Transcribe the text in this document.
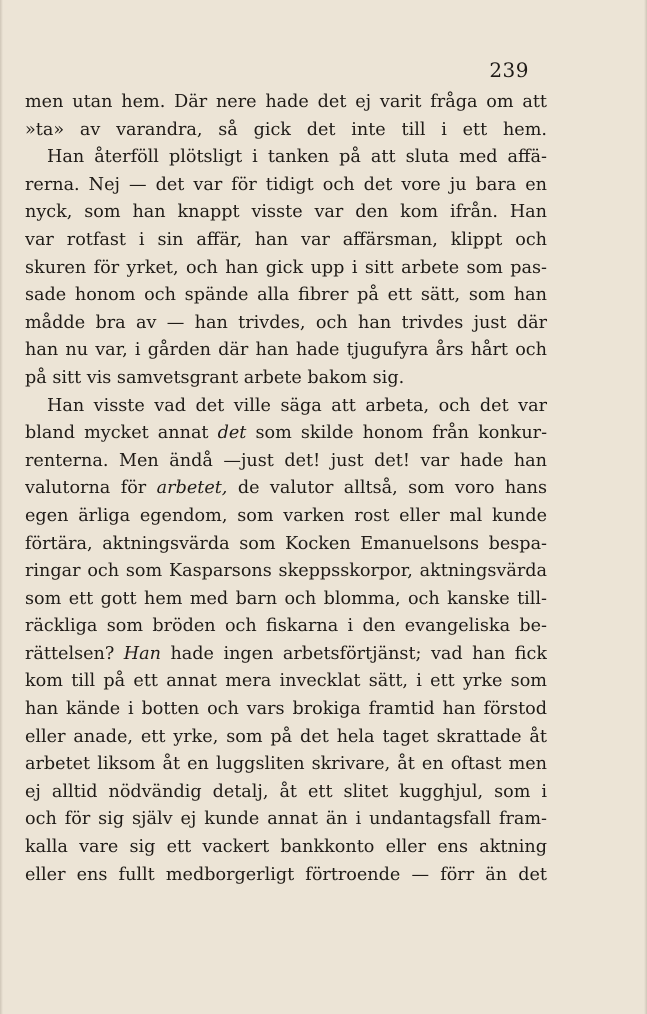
239
men utan hem. Där nere hade det ej varit fråga om att
»ta» av varandra, så gick det inte till i ett hem.
Han återföll plötsligt i tanken på att sluta med affä-
rerna. Nej — det var för tidigt och det vore ju bara en
nyck, som han knappt visste var den kom ifrån. Han
var rotfast i sin affär, han var affärsman, klippt och
skuren för yrket, och han gick upp i sitt arbete som pas-
sade honom och spände alla fibrer på ett sätt, som han
mådde bra av — han trivdes, och han trivdes just där
han nu var, i gården där han hade tjugufyra års hårt och
på sitt vis samvetsgrant arbete bakom sig.
Han visste vad det ville säga att arbeta, och det var
bland mycket annat det som skilde honom från konkur-
renterna. Men ändå —just det! just det! var hade han
valutorna för arbetet, de valutor alltså, som voro hans
egen ärliga egendom, som varken rost eller mal kunde
förtära, aktningsvärda som Kocken Emanuelsons bespa-
ringar och som Kasparsons skeppsskorpor, aktningsvärda
som ett gott hem med barn och blomma, och kanske till-
räckliga som bröden och fiskarna i den evangeliska be-
rättelsen? Han hade ingen arbetsförtjänst; vad han fick
kom till på ett annat mera invecklat sätt, i ett yrke som
han kände i botten och vars brokiga framtid han förstod
eller anade, ett yrke, som på det hela taget skrattade åt
arbetet liksom åt en luggsliten skrivare, åt en oftast men
ej alltid nödvändig detalj, åt ett slitet kugghjul, som i
och för sig själv ej kunde annat än i undantagsfall fram-
kalla vare sig ett vackert bankkonto eller ens aktning
eller ens fullt medborgerligt förtroende — förr än det
